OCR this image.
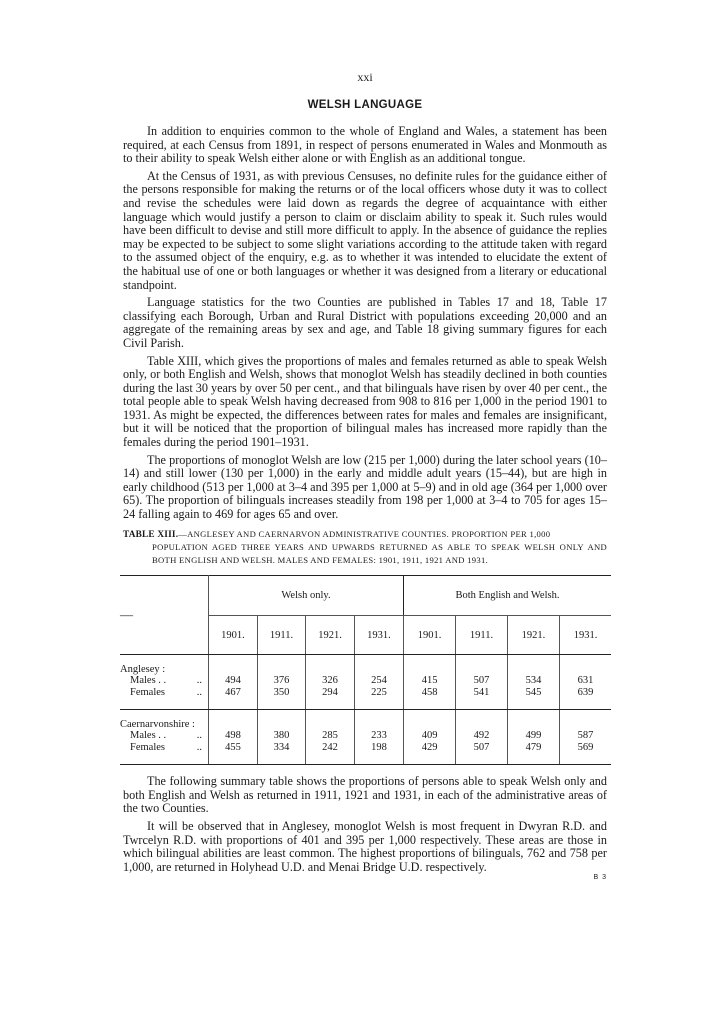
xxi
WELSH LANGUAGE

In addition to enquiries common to the whole of England and Wales, a statement has been required, at each Census from 1891, in respect of persons enumerated in Wales and Monmouth as to their ability to speak Welsh either alone or with English as an additional tongue.

At the Census of 1931, as with previous Censuses, no definite rules for the guidance either of the persons responsible for making the returns or of the local officers whose duty it was to collect and revise the schedules were laid down as regards the degree of acquaintance with either language which would justify a person to claim or disclaim ability to speak it. Such rules would have been difficult to devise and still more difficult to apply. In the absence of guidance the replies may be expected to be subject to some slight variations according to the attitude taken with regard to the assumed object of the enquiry, e.g. as to whether it was intended to elucidate the extent of the habitual use of one or both languages or whether it was designed from a literary or educational standpoint.

Language statistics for the two Counties are published in Tables 17 and 18, Table 17 classifying each Borough, Urban and Rural District with populations exceeding 20,000 and an aggregate of the remaining areas by sex and age, and Table 18 giving summary figures for each Civil Parish.

Table XIII, which gives the proportions of males and females returned as able to speak Welsh only, or both English and Welsh, shows that monoglot Welsh has steadily declined in both counties during the last 30 years by over 50 per cent., and that bilinguals have risen by over 40 per cent., the total people able to speak Welsh having decreased from 908 to 816 per 1,000 in the period 1901 to 1931. As might be expected, the differences between rates for males and females are insignificant, but it will be noticed that the proportion of bilingual males has increased more rapidly than the females during the period 1901–1931.

The proportions of monoglot Welsh are low (215 per 1,000) during the later school years (10–14) and still lower (130 per 1,000) in the early and middle adult years (15–44), but are high in early childhood (513 per 1,000 at 3–4 and 395 per 1,000 at 5–9) and in old age (364 per 1,000 over 65). The proportion of bilinguals increases steadily from 198 per 1,000 at 3–4 to 705 for ages 15–24 falling again to 469 for ages 65 and over.

TABLE XIII.—ANGLESEY AND CAERNARVON ADMINISTRATIVE COUNTIES. PROPORTION PER 1,000
POPULATION AGED THREE YEARS AND UPWARDS RETURNED AS ABLE TO SPEAK WELSH ONLY AND BOTH ENGLISH AND WELSH. MALES AND FEMALES: 1901, 1911, 1921 AND 1931.
—	Welsh only.				Both English and Welsh.			
	1901.	1911.	1921.	1931.	1901.	1911.	1921.	1931.
Anglesey :								
Males . . ..	494	376	326	254	415	507	534	631
Females ..	467	350	294	225	458	541	545	639
Caernarvonshire :								
Males . . ..	498	380	285	233	409	492	499	587
Females ..	455	334	242	198	429	507	479	569

The following summary table shows the proportions of persons able to speak Welsh only and both English and Welsh as returned in 1911, 1921 and 1931, in each of the administrative areas of the two Counties.

It will be observed that in Anglesey, monoglot Welsh is most frequent in Dwyran R.D. and Twrcelyn R.D. with proportions of 401 and 395 per 1,000 respectively. These areas are those in which bilingual abilities are least common. The highest proportions of bilinguals, 762 and 758 per 1,000, are returned in Holyhead U.D. and Menai Bridge U.D. respectively.

B 3
